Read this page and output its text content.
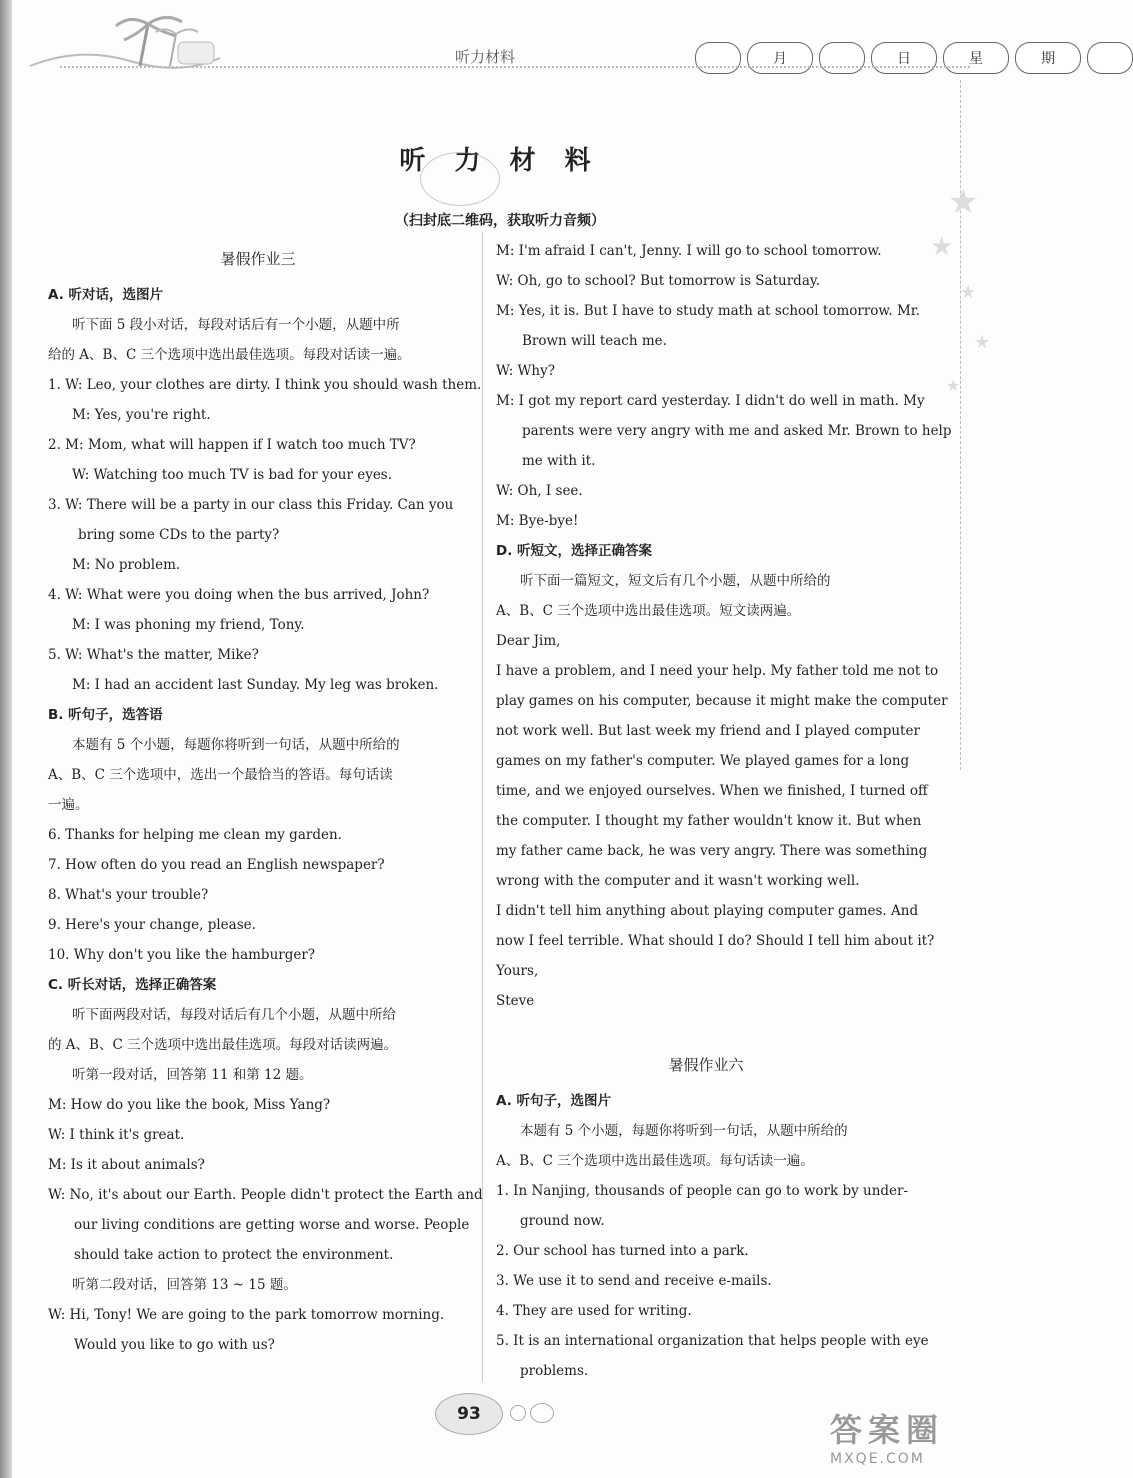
听力材料	月	日	星	期
★
★
★
★
★
听 力 材 料
（扫封底二维码，获取听力音频）
暑假作业三
A. 听对话，选图片
听下面 5 段小对话，每段对话后有一个小题，从题中所
给的 A、B、C 三个选项中选出最佳选项。每段对话读一遍。
1. W: Leo, your clothes are dirty. I think you should wash them.
M: Yes, you're right.
2. M: Mom, what will happen if I watch too much TV?
W: Watching too much TV is bad for your eyes.
3. W: There will be a party in our class this Friday. Can you
bring some CDs to the party?
M: No problem.
4. W: What were you doing when the bus arrived, John?
M: I was phoning my friend, Tony.
5. W: What's the matter, Mike?
M: I had an accident last Sunday. My leg was broken.
B. 听句子，选答语
本题有 5 个小题，每题你将听到一句话，从题中所给的
A、B、C 三个选项中，选出一个最恰当的答语。每句话读
一遍。
6. Thanks for helping me clean my garden.
7. How often do you read an English newspaper?
8. What's your trouble?
9. Here's your change, please.
10. Why don't you like the hamburger?
C. 听长对话，选择正确答案
听下面两段对话，每段对话后有几个小题，从题中所给
的 A、B、C 三个选项中选出最佳选项。每段对话读两遍。
听第一段对话，回答第 11 和第 12 题。
M: How do you like the book, Miss Yang?
W: I think it's great.
M: Is it about animals?
W: No, it's about our Earth. People didn't protect the Earth and
our living conditions are getting worse and worse. People
should take action to protect the environment.
听第二段对话，回答第 13 ~ 15 题。
W: Hi, Tony! We are going to the park tomorrow morning.
Would you like to go with us?
M: I'm afraid I can't, Jenny. I will go to school tomorrow.
W: Oh, go to school? But tomorrow is Saturday.
M: Yes, it is. But I have to study math at school tomorrow. Mr.
Brown will teach me.
W: Why?
M: I got my report card yesterday. I didn't do well in math. My
parents were very angry with me and asked Mr. Brown to help
me with it.
W: Oh, I see.
M: Bye-bye!
D. 听短文，选择正确答案
听下面一篇短文，短文后有几个小题，从题中所给的
A、B、C 三个选项中选出最佳选项。短文读两遍。
Dear Jim,
I have a problem, and I need your help. My father told me not to
play games on his computer, because it might make the computer
not work well. But last week my friend and I played computer
games on my father's computer. We played games for a long
time, and we enjoyed ourselves. When we finished, I turned off
the computer. I thought my father wouldn't know it. But when
my father came back, he was very angry. There was something
wrong with the computer and it wasn't working well.
I didn't tell him anything about playing computer games. And
now I feel terrible. What should I do? Should I tell him about it?
Yours,
Steve

暑假作业六
A. 听句子，选图片
本题有 5 个小题，每题你将听到一句话，从题中所给的
A、B、C 三个选项中选出最佳选项。每句话读一遍。
1. In Nanjing, thousands of people can go to work by under-
ground now.
2. Our school has turned into a park.
3. We use it to send and receive e-mails.
4. They are used for writing.
5. It is an international organization that helps people with eye
problems.
93	答案圈
MXQE.COM
